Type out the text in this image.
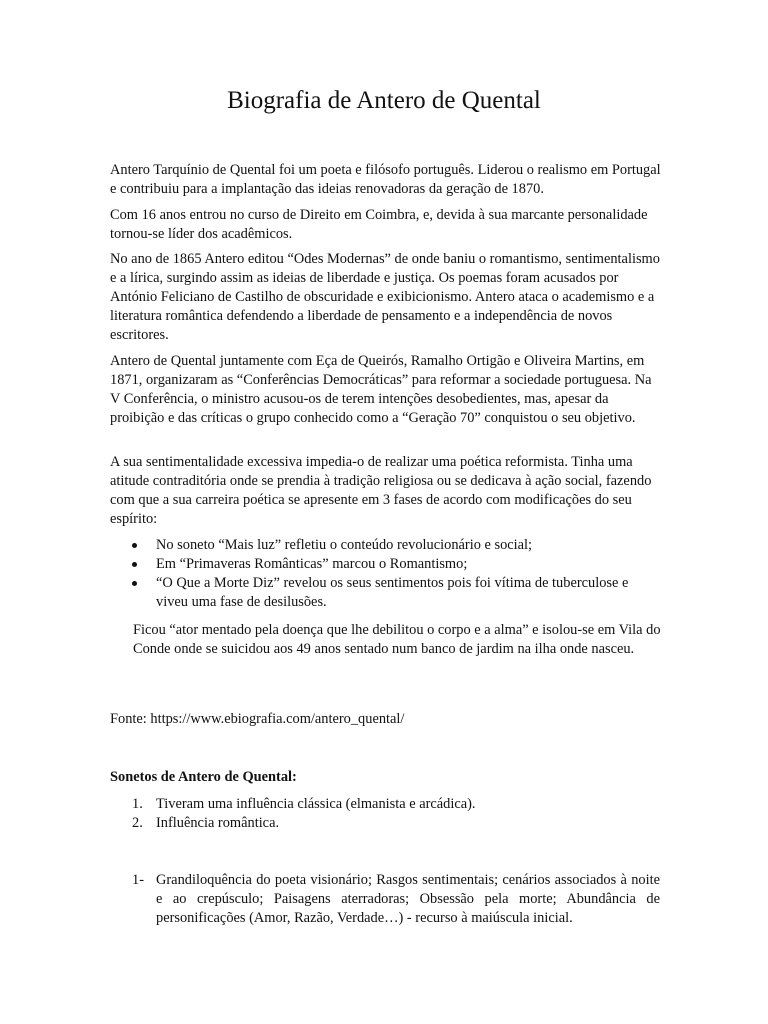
Biografia de Antero de Quental

Antero Tarquínio de Quental foi um poeta e filósofo português. Liderou o realismo em Portugal e contribuiu para a implantação das ideias renovadoras da geração de 1870.

Com 16 anos entrou no curso de Direito em Coimbra, e, devida à sua marcante personalidade tornou-se líder dos acadêmicos.

No ano de 1865 Antero editou “Odes Modernas” de onde baniu o romantismo, sentimentalismo e a lírica, surgindo assim as ideias de liberdade e justiça. Os poemas foram acusados por António Feliciano de Castilho de obscuridade e exibicionismo. Antero ataca o academismo e a literatura romântica defendendo a liberdade de pensamento e a independência de novos escritores.

Antero de Quental juntamente com Eça de Queirós, Ramalho Ortigão e Oliveira Martins, em 1871, organizaram as “Conferências Democráticas” para reformar a sociedade portuguesa. Na V Conferência, o ministro acusou-os de terem intenções desobedientes, mas, apesar da proibição e das críticas o grupo conhecido como a “Geração 70” conquistou o seu objetivo.

A sua sentimentalidade excessiva impedia-o de realizar uma poética reformista. Tinha uma atitude contraditória onde se prendia à tradição religiosa ou se dedicava à ação social, fazendo com que a sua carreira poética se apresente em 3 fases de acordo com modificações do seu espírito:

No soneto “Mais luz” refletiu o conteúdo revolucionário e social;
Em “Primaveras Românticas” marcou o Romantismo;
“O Que a Morte Diz” revelou os seus sentimentos pois foi vítima de tuberculose e viveu uma fase de desilusões.

Ficou “ator mentado pela doença que lhe debilitou o corpo e a alma” e isolou-se em Vila do Conde onde se suicidou aos 49 anos sentado num banco de jardim na ilha onde nasceu.

Fonte: https://www.ebiografia.com/antero_quental/

Sonetos de Antero de Quental:

1. Tiveram uma influência clássica (elmanista e arcádica).
2. Influência romântica.
1- Grandiloquência do poeta visionário; Rasgos sentimentais; cenários associados à noite e ao crepúsculo; Paisagens aterradoras; Obsessão pela morte; Abundância de personificações (Amor, Razão, Verdade…) - recurso à maiúscula inicial.
